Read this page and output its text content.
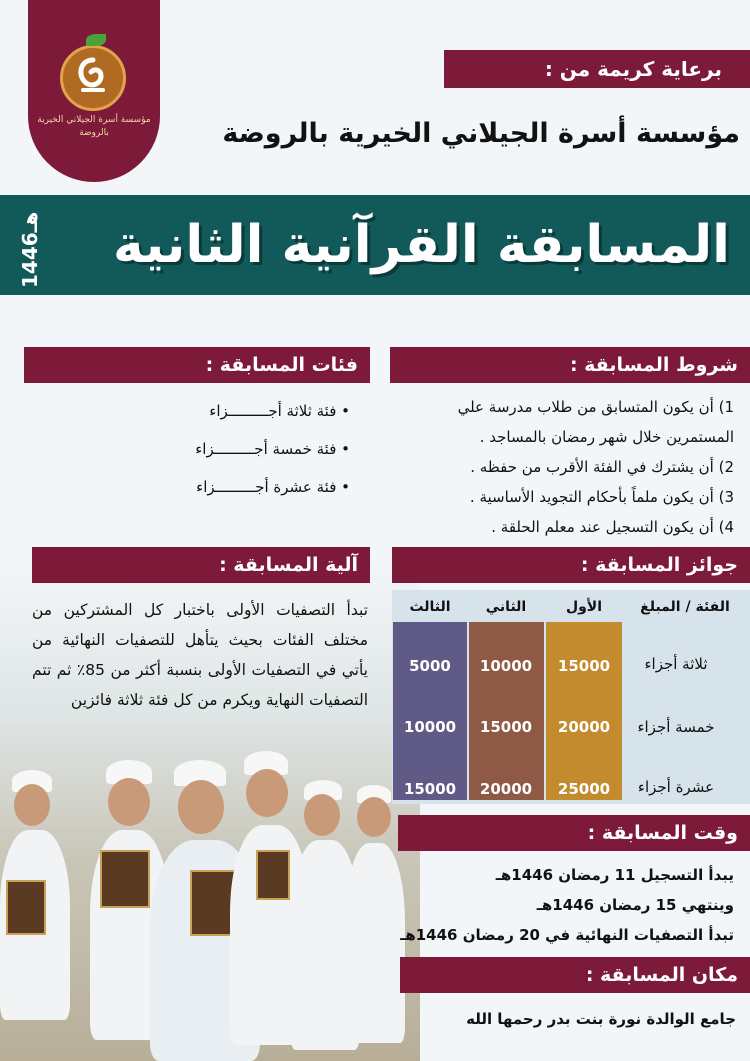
مؤسسة أسرة الجيلاني الخيرية بالروضة
برعاية كريمة من :
مؤسسة أسرة الجيلاني الخيرية بالروضة
المسابقة القرآنية الثانية
1446هـ
شروط المسابقة :
1) أن يكون المتسابق من طلاب مدرسة علي
المستمرين خلال شهر رمضان بالمساجد .
2) أن يشترك في الفئة الأقرب من حفظه .
3) أن يكون ملماً بأحكام التجويد الأساسية .
4) أن يكون التسجيل عند معلم الحلقة .
فئات المسابقة :
• فئة ثلاثة أجـــــــــزاء
• فئة خمسة أجـــــــــزاء
• فئة عشرة أجـــــــــزاء
آلية المسابقة :
تبدأ التصفيات الأولى باختبار كل المشتركين من مختلف الفئات بحيث يتأهل للتصفيات النهائية من يأتي في التصفيات الأولى بنسبة أكثر من 85٪ ثم تتم التصفيات النهاية ويكرم من كل فئة ثلاثة فائزين
جوائز المسابقة :
الفئة / المبلغ
الأول
الثاني
الثالث
ثلاثة أجزاء
خمسة أجزاء
عشرة أجزاء
15000
10000
5000
20000
15000
10000
25000
20000
15000
وقت المسابقة :
يبدأ التسجيل 11 رمضان 1446هـ
وينتهي 15 رمضان 1446هـ
تبدأ التصفيات النهائية في 20 رمضان 1446هـ
مكان المسابقة :
جامع الوالدة نورة بنت بدر رحمها الله
